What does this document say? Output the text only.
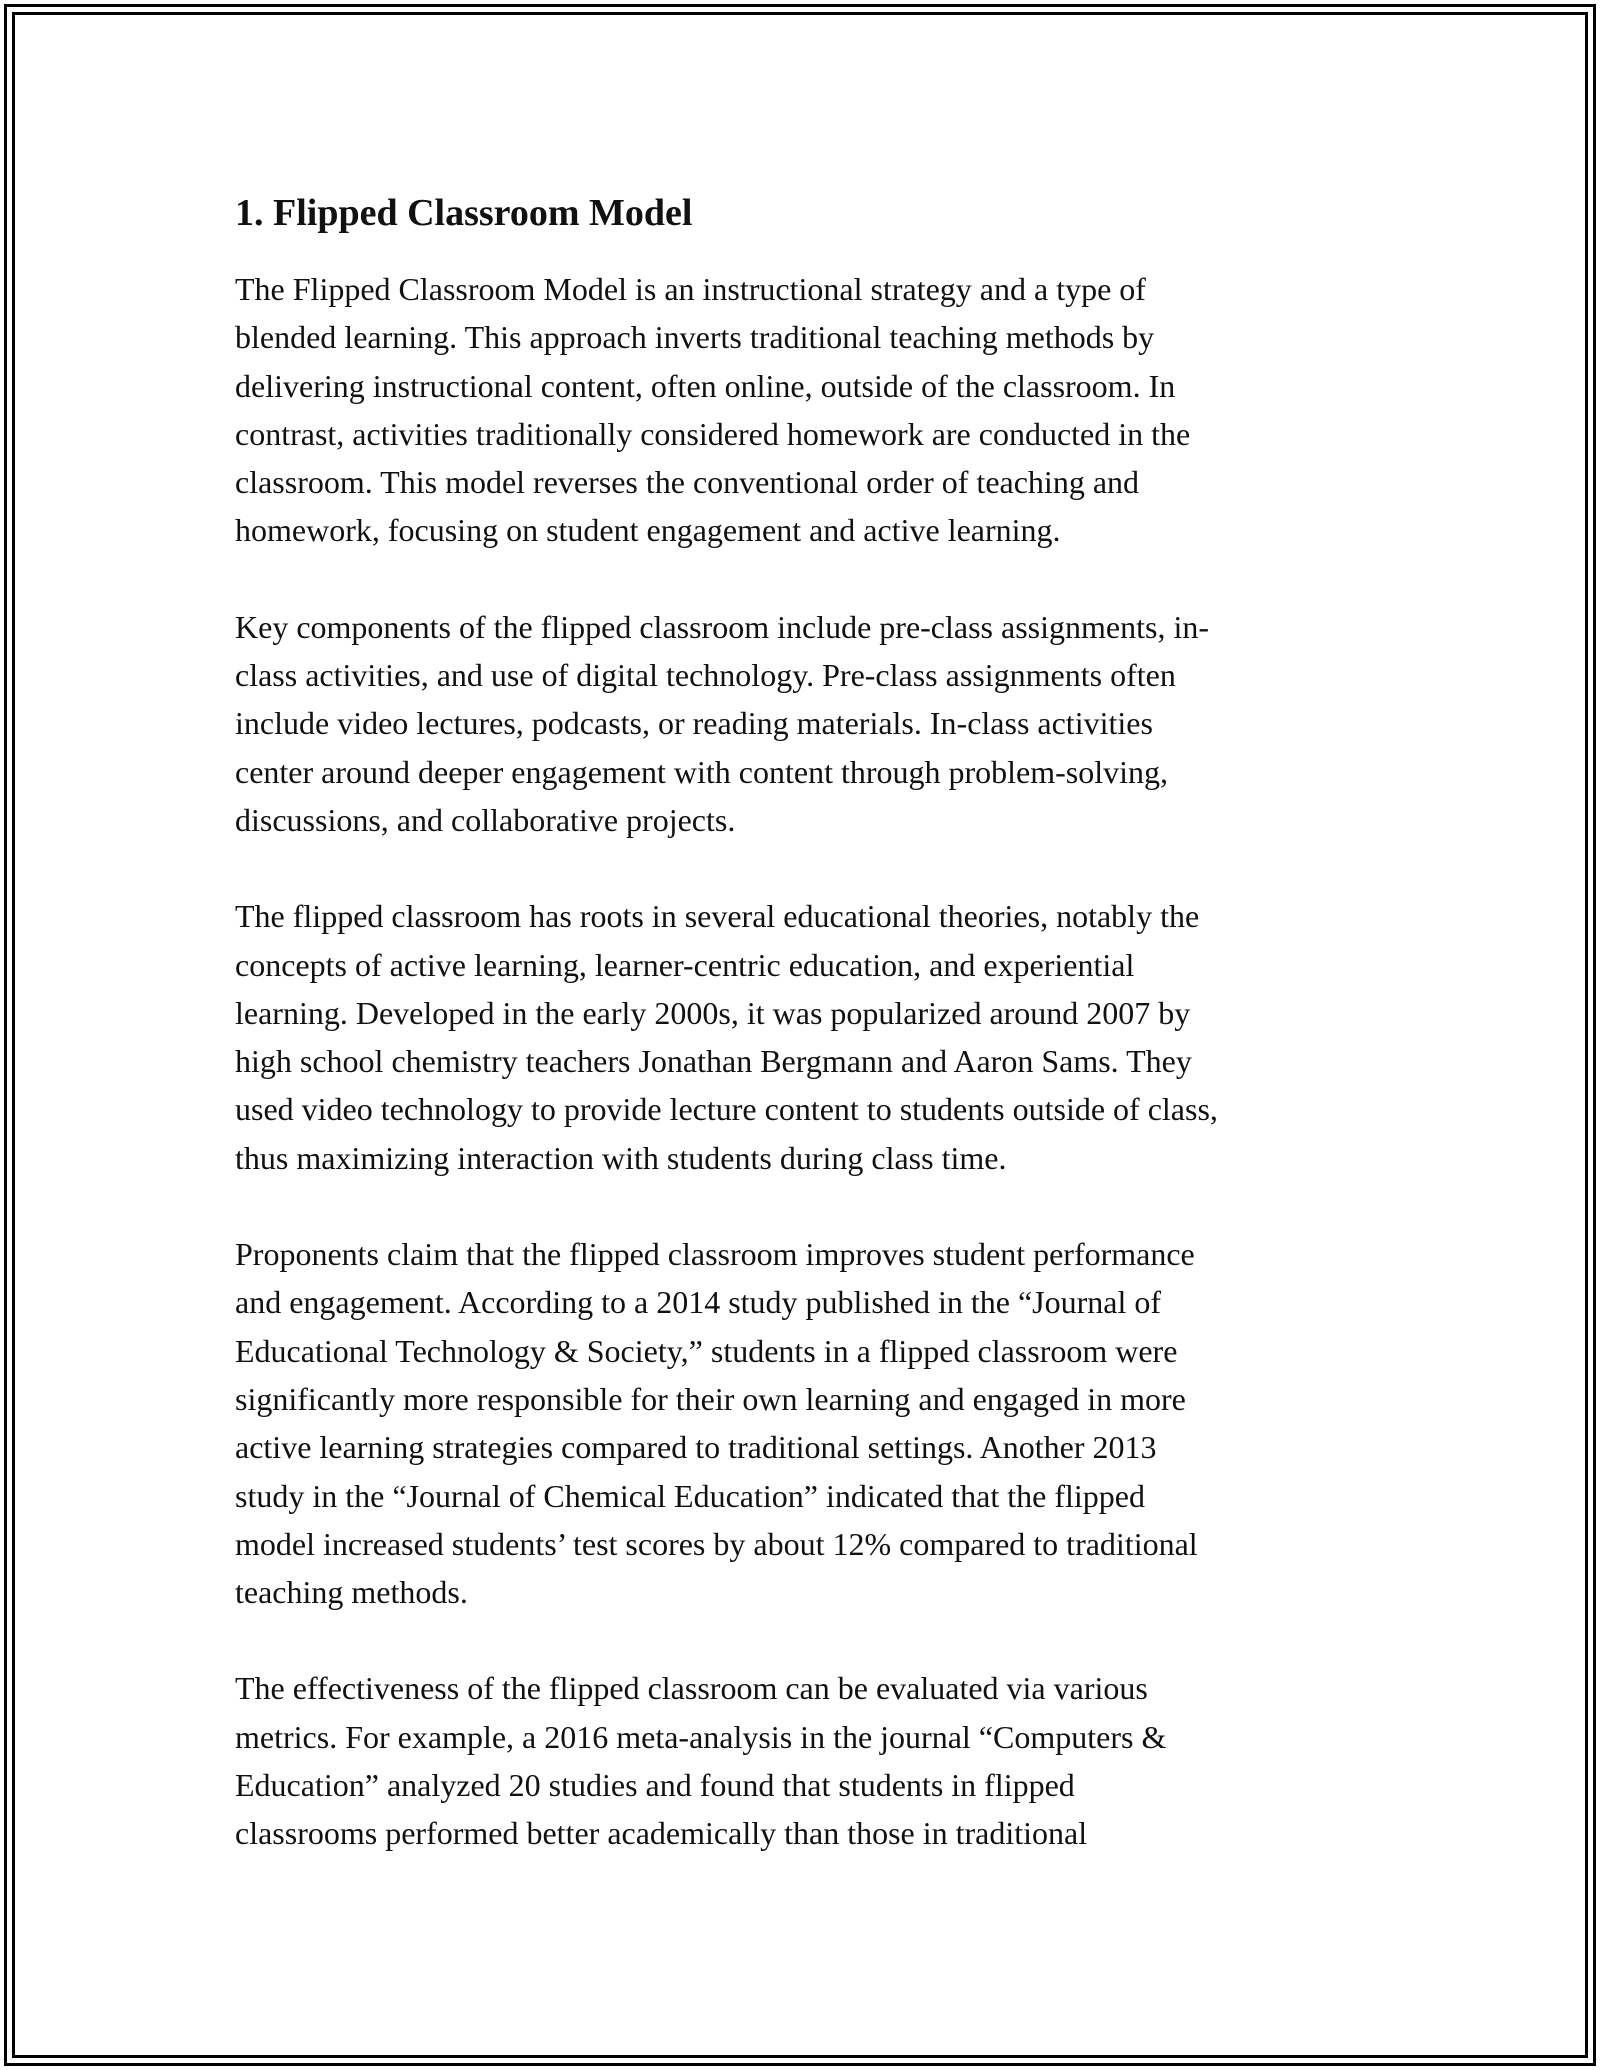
1. Flipped Classroom Model

The Flipped Classroom Model is an instructional strategy and a type of
blended learning. This approach inverts traditional teaching methods by
delivering instructional content, often online, outside of the classroom. In
contrast, activities traditionally considered homework are conducted in the
classroom. This model reverses the conventional order of teaching and
homework, focusing on student engagement and active learning.

Key components of the flipped classroom include pre-class assignments, in-
class activities, and use of digital technology. Pre-class assignments often
include video lectures, podcasts, or reading materials. In-class activities
center around deeper engagement with content through problem-solving,
discussions, and collaborative projects.

The flipped classroom has roots in several educational theories, notably the
concepts of active learning, learner-centric education, and experiential
learning. Developed in the early 2000s, it was popularized around 2007 by
high school chemistry teachers Jonathan Bergmann and Aaron Sams. They
used video technology to provide lecture content to students outside of class,
thus maximizing interaction with students during class time.

Proponents claim that the flipped classroom improves student performance
and engagement. According to a 2014 study published in the “Journal of
Educational Technology & Society,” students in a flipped classroom were
significantly more responsible for their own learning and engaged in more
active learning strategies compared to traditional settings. Another 2013
study in the “Journal of Chemical Education” indicated that the flipped
model increased students’ test scores by about 12% compared to traditional
teaching methods.

The effectiveness of the flipped classroom can be evaluated via various
metrics. For example, a 2016 meta-analysis in the journal “Computers &
Education” analyzed 20 studies and found that students in flipped
classrooms performed better academically than those in traditional
